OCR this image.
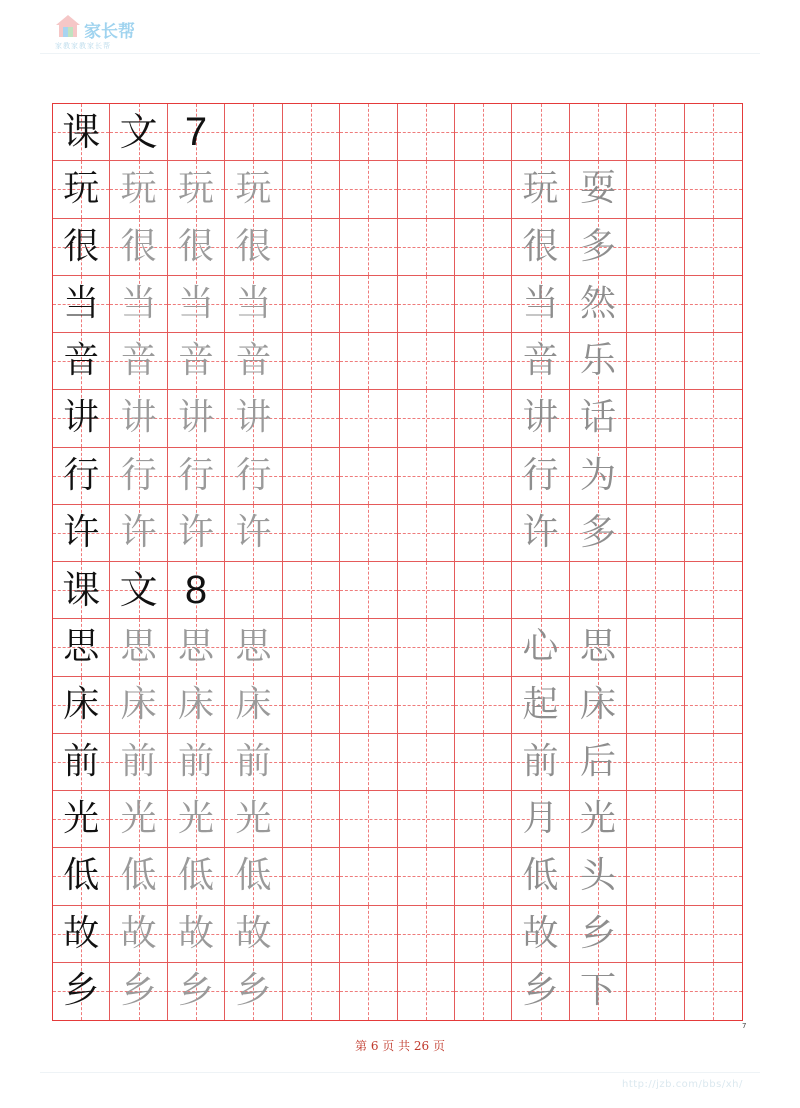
家长帮
家教家教家长帮
课 文 7
玩 玩 玩 玩	玩 耍
很 很 很 很	很 多
当 当 当 当	当 然
音 音 音 音	音 乐
讲 讲 讲 讲	讲 话
行 行 行 行	行 为
许 许 许 许	许 多
课 文 8
思 思 思 思	心 思
床 床 床 床	起 床
前 前 前 前	前 后
光 光 光 光	月 光
低 低 低 低	低 头
故 故 故 故	故 乡
乡 乡 乡 乡	乡 下
第 6 页 共 26 页
7
http://jzb.com/bbs/xh/
